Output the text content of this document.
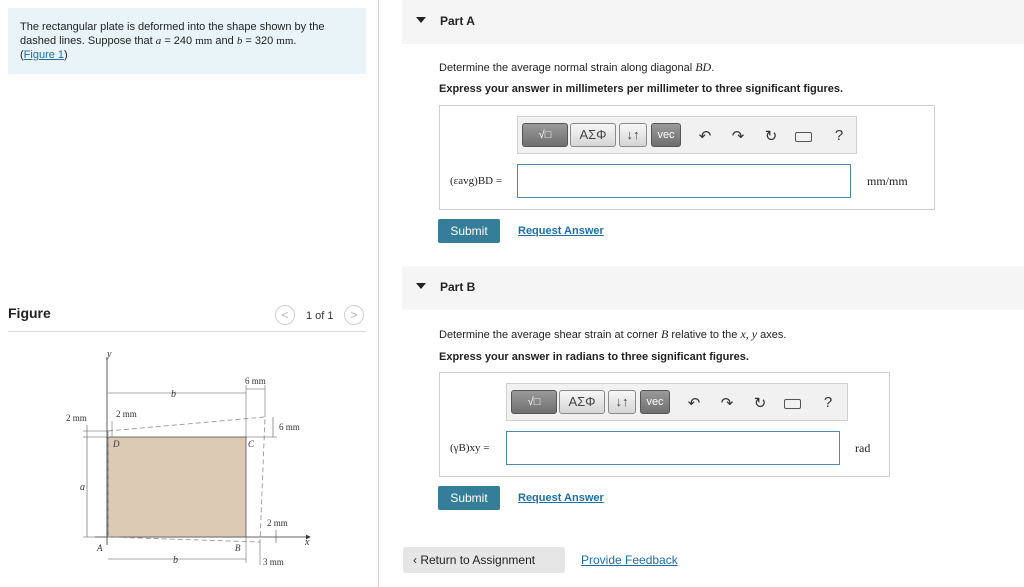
The rectangular plate is deformed into the shape shown by the
dashed lines. Suppose that a = 240 mm and b = 320 mm.
(Figure 1)
Figure	<	1 of 1	>
y
x
D	C
A	B
b
6 mm
6 mm
2 mm
a
2 mm
2 mm
b	3 mm
Part A
Determine the average normal strain along diagonal BD.
Express your answer in millimeters per millimeter to three significant figures.
√□	ΑΣΦ	↓↑	vec	↶ ↷ ↻	?
(εavg)BD =	mm/mm
Submit	Request Answer
Part B
Determine the average shear strain at corner B relative to the x, y axes.
Express your answer in radians to three significant figures.
√□	ΑΣΦ	↓↑	vec	↶ ↷ ↻	?
(γB)xy =	rad
Submit	Request Answer
‹ Return to Assignment	Provide Feedback
